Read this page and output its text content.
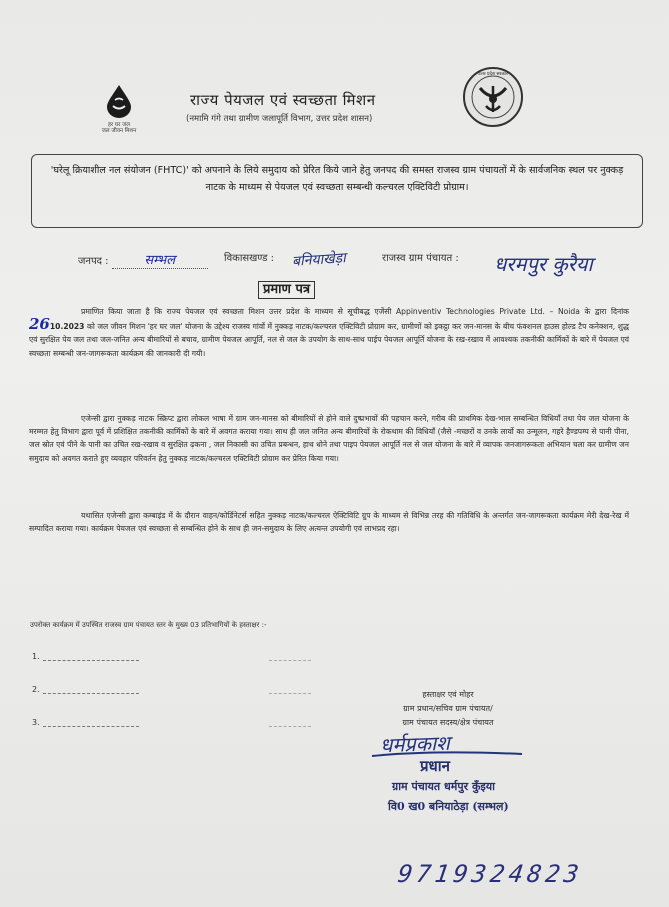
हर घर जल
जल जीवन मिशन
राज्य पेयजल एवं स्वच्छता मिशन
(नमामि गंगे तथा ग्रामीण जलापूर्ति विभाग, उत्तर प्रदेश शासन)
उत्तर प्रदेश सरकार
'घरेलू क्रियाशील नल संयोजन (FHTC)' को अपनाने के लिये समुदाय को प्रेरित किये जाने हेतु जनपद की समस्त राजस्व ग्राम पंचायतों में के सार्वजनिक स्थल पर नुक्कड़ नाटक के माध्यम से पेयजल एवं स्वच्छता सम्बन्धी कल्चरल एक्टिविटी प्रोग्राम।
जनपद :	सम्भल	विकासखण्ड : बनियाखेड़ा	राजस्व ग्राम पंचायत : धरमपुर कुरैया
प्रमाण पत्र
प्रमाणित किया जाता है कि राज्य पेयजल एवं स्वच्छता मिशन उत्तर प्रदेश के माध्यम से सूचीबद्ध एजेंसी Appinventiv Technologies Private Ltd. – Noida के द्वारा दिनांक 2610.2023 को जल जीवन मिशन 'हर घर जल' योजना के उद्देश्य राजस्व गांवों में नुक्कड़ नाटक/कल्चरल एक्टिविटी प्रोग्राम कर, ग्रामीणों को इकट्ठा कर जन-मानस के बीच फंक्शनल हाउस होल्ड टैप कनेक्शन, शुद्ध एवं सुरक्षित पेय जल तथा जल-जनित अन्य बीमारियों से बचाव, ग्रामीण पेयजल आपूर्ति, नल से जल के उपयोग के साथ-साथ पाईप पेयजल आपूर्ति योजना के रख-रखाव में आवश्यक तकनीकी कार्मिकों के बारे में पेयजल एवं स्वच्छता सम्बन्धी जन-जागरूकता कार्यक्रम की जानकारी दी गयी।
एजेन्सी द्वारा नुक्कड़ नाटक स्क्रिप्ट द्वारा लोकल भाषा में ग्राम जन-मानस को बीमारियों से होने वाले दुष्प्रभावों की पहचान करने, गरीब की प्राथमिक देख-भाल सम्बन्धित विधियाँ तथा पेय जल योजना के मरम्मत हेतु विभाग द्वारा पूर्व में प्रशिक्षित तकनीकी कार्मिकों के बारे में अवगत कराया गया। साथ ही जल जनित अन्य बीमारियों के रोकथाम की विधियाँ (जैसे -मच्छरों व उनके लार्वो का उन्मूलन, गहरे हैण्डपम्प से पानी पीना, जल स्रोत एवं पीने के पानी का उचित रख-रखाव व सुरक्षित ढ़कना , जल निकासी का उचित प्रबन्धन, हाथ धोने तथा पाइप पेयजल आपूर्ति नल से जल योजना के बारे में व्यापक जनजागरूकता अभियान चला कर ग्रामीण जन समुदाय को अवगत कराते हुए व्यवहार परिवर्तन हेतु नुक्कड़ नाटक/कल्चरल एक्टिविटी प्रोग्राम कर प्रेरित किया गया।
यथासित एजेन्सी द्वारा कम्बाइंड में के दौरान वाहन/कोर्डिनेटर्स सहित नुक्कड़ नाटक/कल्चरल ऐक्टिविटि ग्रुप के माध्यम से विभिन्न तरह की गतिविधि के अन्तर्गत जन-जागरूकता कार्यक्रम मेरी देख-रेख में सम्पादित कराया गया। कार्यक्रम पेयजल एवं स्वच्छता से सम्बन्धित होने के साथ ही जन-समुदाय के लिए अत्यन्त उपयोगी एवं लाभप्रद रहा।
उपरोक्त कार्यक्रम में उपस्थित राजस्व ग्राम पंचायत स्तर के मुख्य 03 प्रतिभागियों के हस्ताक्षर :-
1.
2.
3.
हस्ताक्षर एवं मोहर
ग्राम प्रधान/सचिव ग्राम पंचायत/
ग्राम पंचायत सदस्य/क्षेत्र पंचायत
धर्मप्रकाश
प्रधान
ग्राम पंचायत धर्मपुर कुँइया
वि0 ख0 बनियाठेड़ा (सम्भल)
9719324823
